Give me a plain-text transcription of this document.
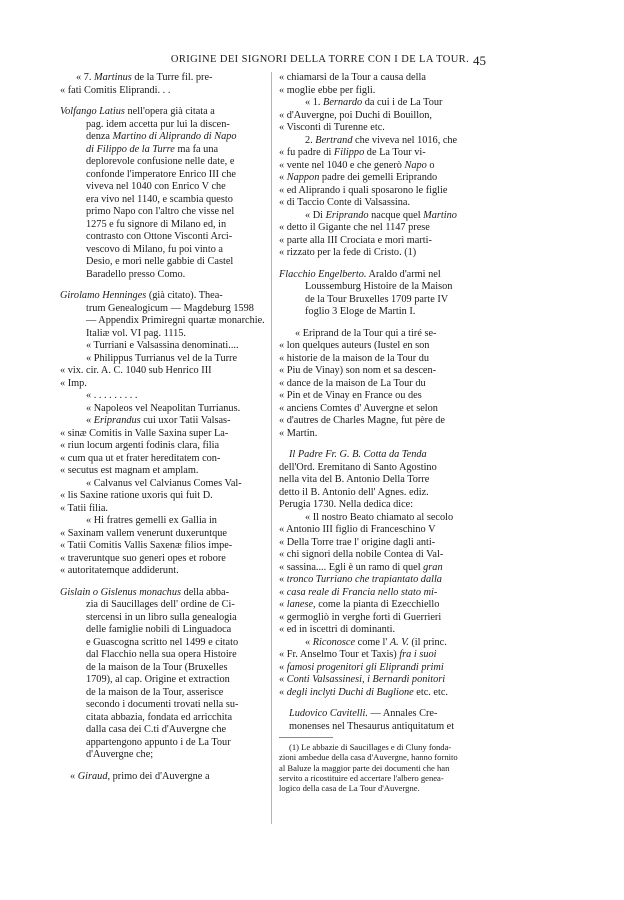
ORIGINE DEI SIGNORI DELLA TORRE CON I DE LA TOUR. 45
« 7. Martinus de la Turre fil. pre-
« fati Comitis Eliprandi. . .
Volfango Latius nell'opera già citata a
pag. idem accetta pur lui la discen-
denza Martino di Aliprando di Napo
di Filippo de la Turre ma fa una
deplorevole confusione nelle date, e
confonde l'imperatore Enrico III che
viveva nel 1040 con Enrico V che
era vivo nel 1140, e scambia questo
primo Napo con l'altro che visse nel
1275 e fu signore di Milano ed, in
contrasto con Ottone Visconti Arci-
vescovo di Milano, fu poi vinto a
Desio, e morì nelle gabbie di Castel
Baradello presso Como.
Girolamo Henninges (già citato). Thea-
trum Genealogicum — Magdeburg 1598
— Appendix Primiregni quartæ monarchie.
Italiæ vol. VI pag. 1115.
« Turriani e Valsassina denominati....
« Philippus Turrianus vel de la Turre
« vix. cir. A. C. 1040 sub Henrico III
« Imp.
« . . . . . . . . .
« Napoleos vel Neapolitan Turrianus.
« Eriprandus cui uxor Tatii Valsas-
« sinæ Comitis in Valle Saxina super La-
« riun locum argenti fodinis clara, filia
« cum qua ut et frater hereditatem con-
« secutus est magnam et amplam.
« Calvanus vel Calvianus Comes Val-
« lis Saxine ratione uxoris qui fuit D.
« Tatii filia.
« Hi fratres gemelli ex Gallia in
« Saxinam vallem venerunt duxeruntque
« Tatii Comitis Vallis Saxenæ filios impe-
« traveruntque suo generi opes et robore
« autoritatemque addiderunt.
Gislain o Gislenus monachus della abba-
zia di Saucillages dell' ordine de Ci-
stercensi in un libro sulla genealogia
delle famiglie nobili di Linguadoca
e Guascogna scritto nel 1499 e citato
dal Flacchio nella sua opera Histoire
de la maison de la Tour (Bruxelles
1709), al cap. Origine et extraction
de la maison de la Tour, asserisce
secondo i documenti trovati nella su-
citata abbazia, fondata ed arricchita
dalla casa dei C.ti d'Auvergne che
appartengono appunto i de La Tour
d'Auvergne che;
« Giraud, primo dei d'Auvergne a
« chiamarsi de la Tour a causa della
« moglie ebbe per figli.
« 1. Bernardo da cui i de La Tour
« d'Auvergne, poi Duchi di Bouillon,
« Visconti di Turenne etc.
2. Bertrand che viveva nel 1016, che
« fu padre di Filippo de La Tour vi-
« vente nel 1040 e che generò Napo o
« Nappon padre dei gemelli Eriprando
« ed Aliprando i quali sposarono le figlie
« di Taccio Conte di Valsassina.
« Di Eriprando nacque quel Martino
« detto il Gigante che nel 1147 prese
« parte alla III Crociata e morì marti-
« rizzato per la fede di Cristo. (1)
Flacchio Engelberto. Araldo d'armi nel
Loussemburg Histoire de la Maison
de la Tour Bruxelles 1709 parte IV
foglio 3 Eloge de Martin I.
« Eriprand de la Tour qui a tiré se-
« lon quelques auteurs (Iustel en son
« historie de la maison de la Tour du
« Piu de Vinay) son nom et sa descen-
« dance de la maison de La Tour du
« Pin et de Vinay en France ou des
« anciens Comtes d' Auvergne et selon
« d'autres de Charles Magne, fut père de
« Martin.
Il Padre Fr. G. B. Cotta da Tenda
dell'Ord. Eremitano di Santo Agostino
nella vita del B. Antonio Della Torre
detto il B. Antonio dell' Agnes. ediz.
Perugia 1730. Nella dedica dice:
« Il nostro Beato chiamato al secolo
« Antonio III figlio di Franceschino V
« Della Torre trae l' origine dagli anti-
« chi signori della nobile Contea di Val-
« sassina.... Egli è un ramo di quel gran
« tronco Turriano che trapiantato dalla
« casa reale di Francia nello stato mi-
« lanese, come la pianta di Ezecchiello
« germogliò in verghe forti di Guerrieri
« ed in iscettri di dominanti.
« Riconosce come l' A. V. (il princ.
« Fr. Anselmo Tour et Taxis) fra i suoi
« famosi progenitori gli Eliprandi primi
« Conti Valsassinesi, i Bernardi ponitori
« degli inclyti Duchi di Buglione etc. etc.
Ludovico Cavitelli. — Annales Cre-
monenses nel Thesaurus antiquitatum et
(1) Le abbazie di Saucillages e di Cluny fonda-
zioni ambedue della casa d'Auvergne, hanno fornito
al Baluze la maggior parte dei documenti che han
servito a ricostituire ed accertare l'albero genea-
logico della casa de La Tour d'Auvergne.
